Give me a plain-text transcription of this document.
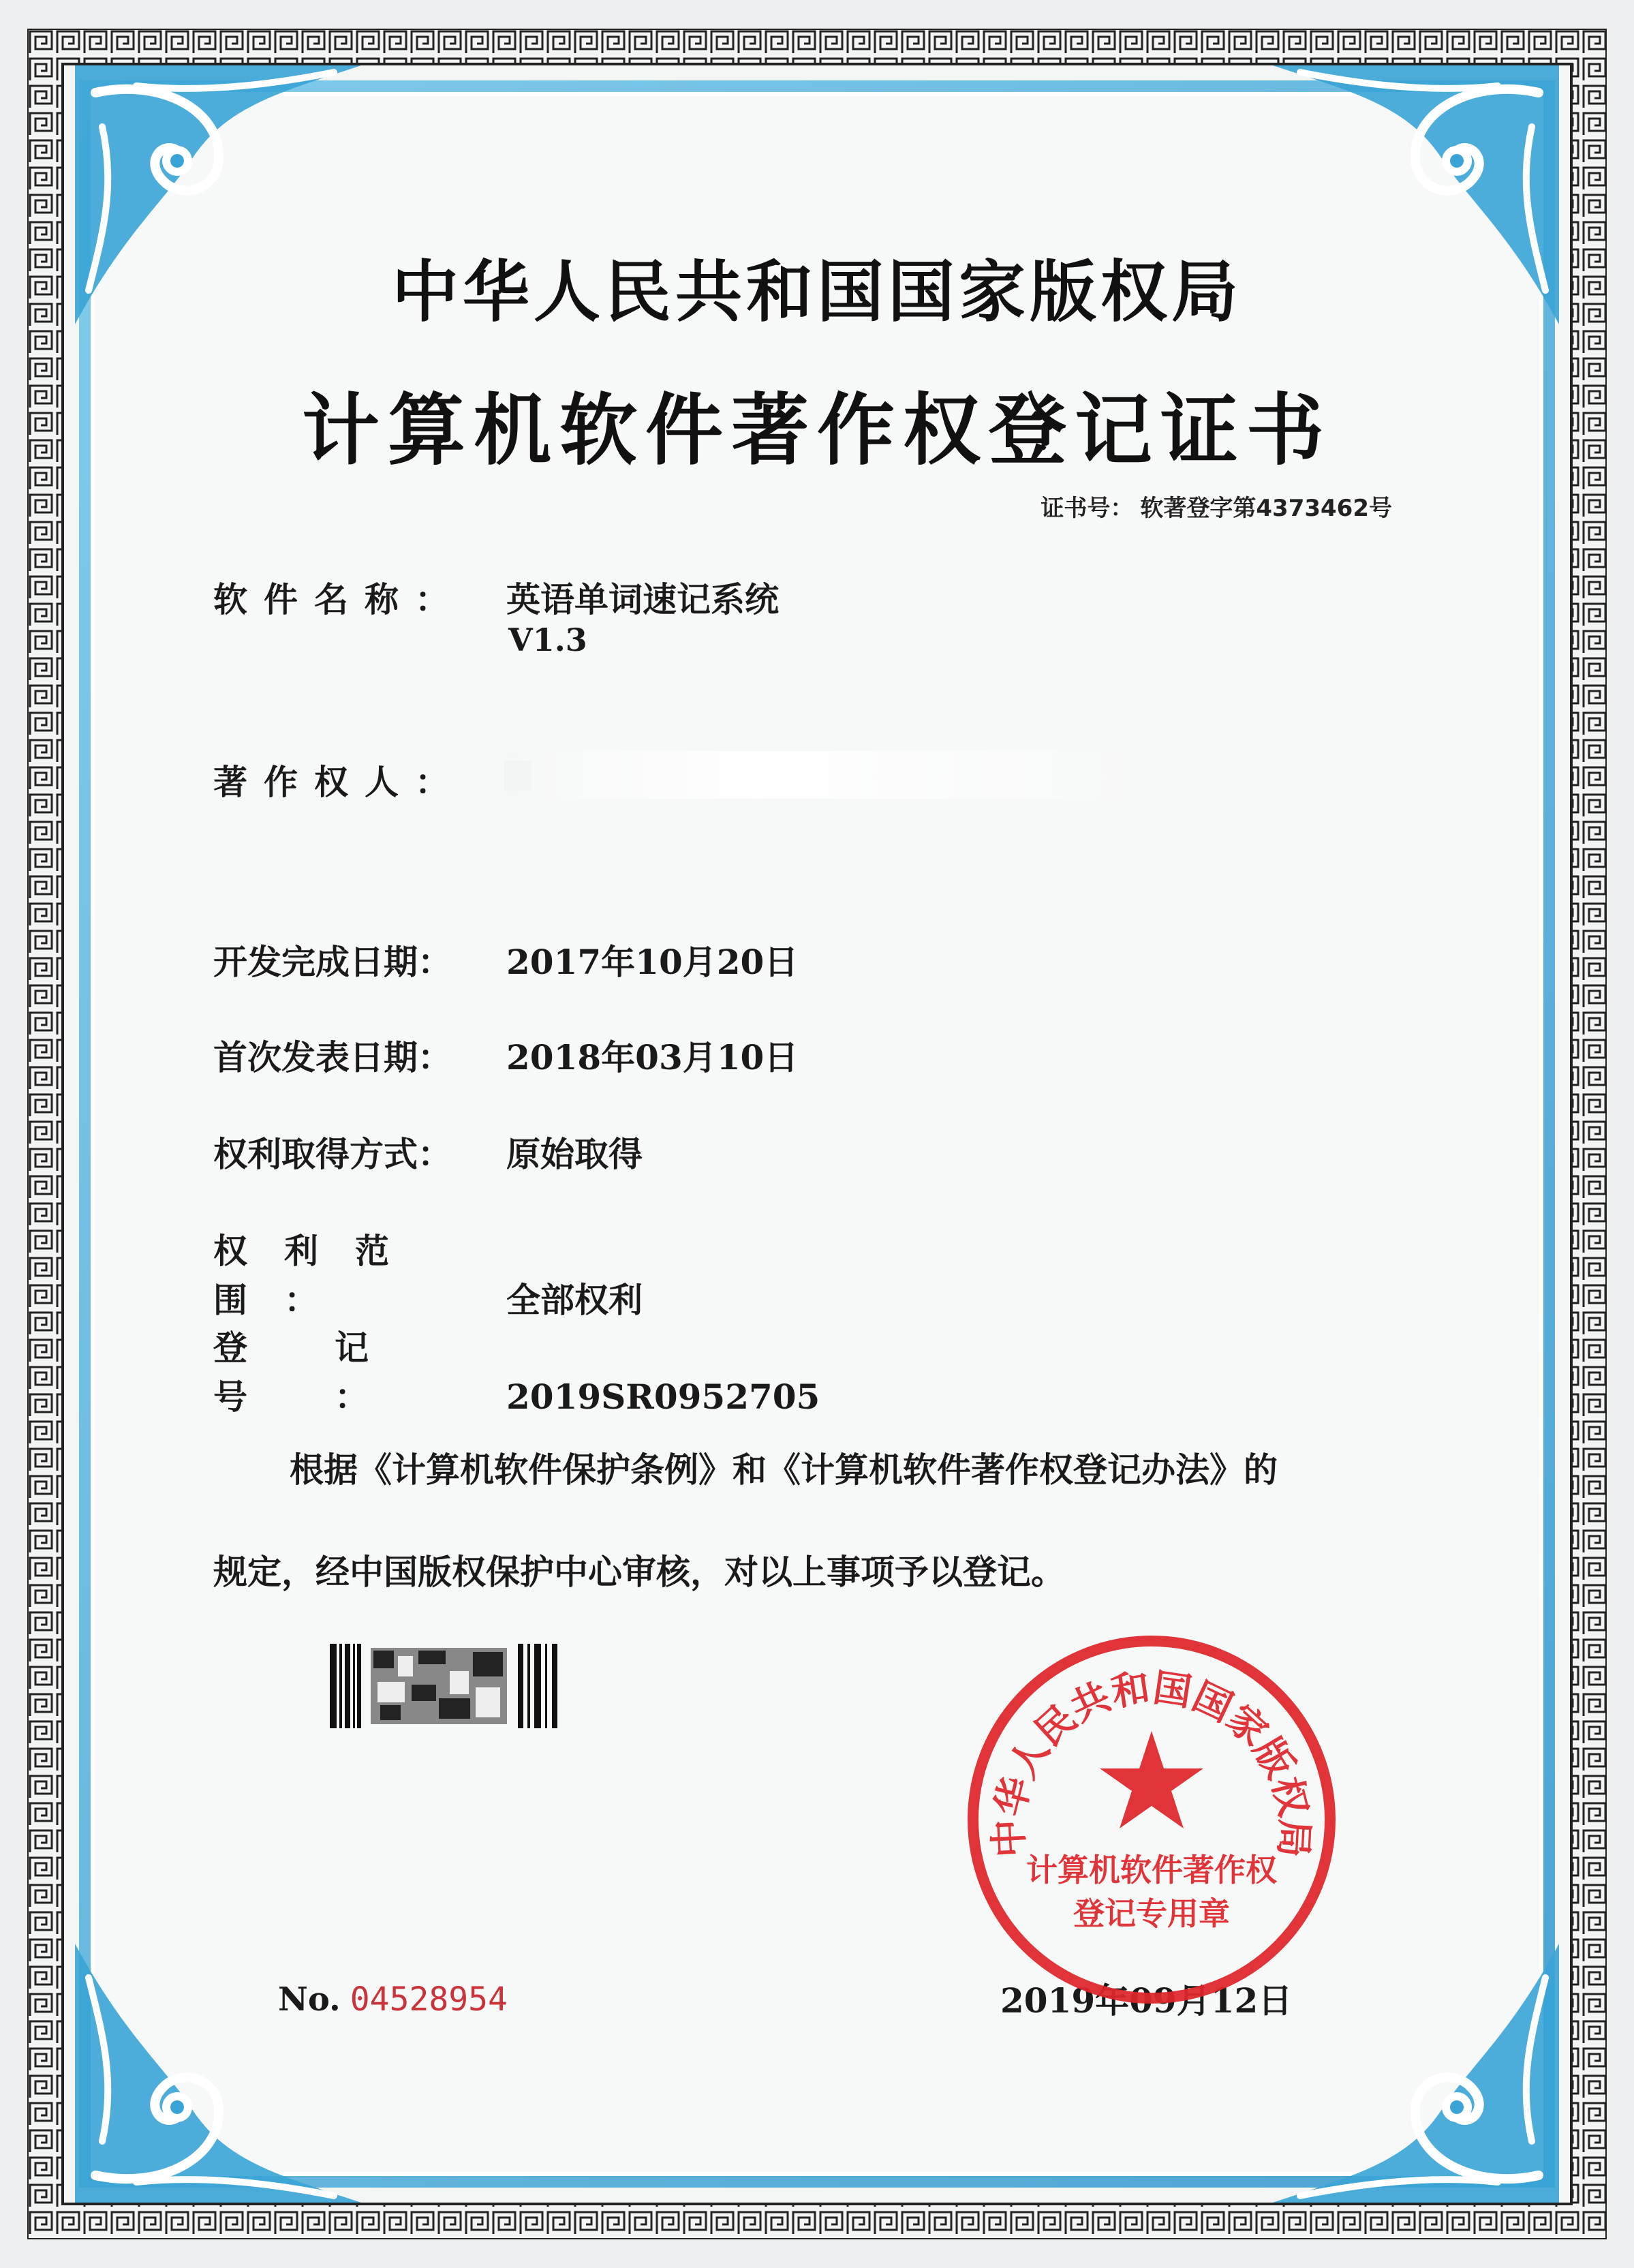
中华人民共和国国家版权局
计算机软件著作权登记证书
证书号： 软著登字第4373462号
软件名称： 英语单词速记系统
V1.3
著作权人：
开发完成日期： 2017年10月20日
首次发表日期： 2018年03月10日
权利取得方式： 原始取得
权利范围：	全部权利
登记号： 2019SR0952705
根据《计算机软件保护条例》和《计算机软件著作权登记办法》的
规定，经中国版权保护中心审核，对以上事项予以登记。
No. 04528954	2019年09月12日
中华人民共和国国家版权局
计算机软件著作权
登记专用章
